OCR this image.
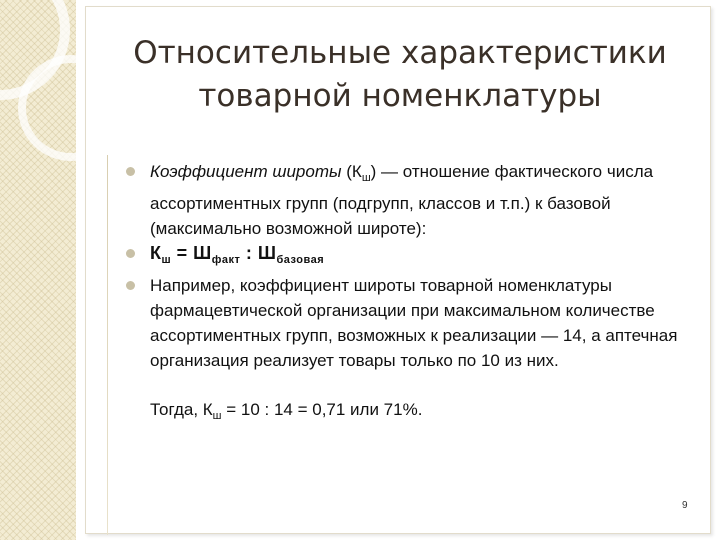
Относительные характеристики
товарной номенклатуры
Коэффициент широты $(К_ш)$ — отношение фактического числа ассортиментных групп (подгрупп, классов и т.п.) к базовой (максимально возможной широте):
$К_ш = Ш_{факт}$ : $Ш_{базовая}$
Например, коэффициент широты товарной номенклатуры фармацевтической организации при максимальном количестве ассортиментных групп, возможных к реализации — 14, а аптечная организация реализует товары только по 10 из них.

Тогда, $К_ш = 10$ : 14 = 0,71 или 71%.

9
